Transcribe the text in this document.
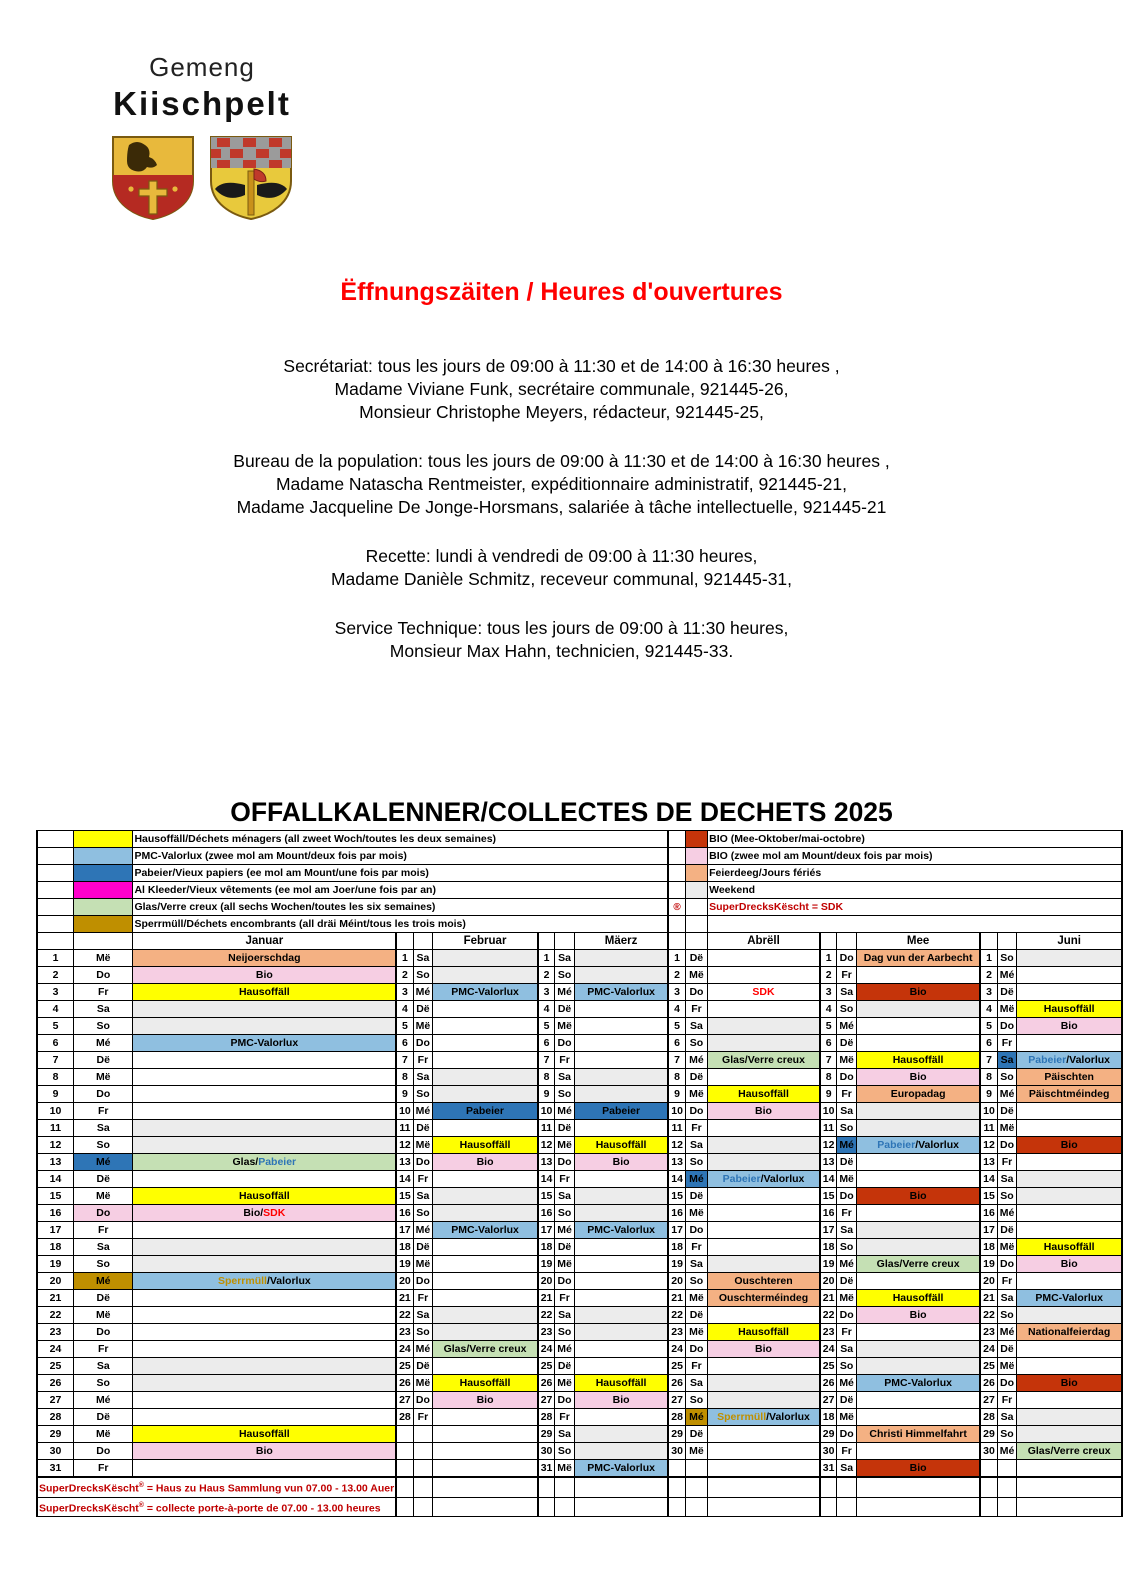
Gemeng
Kiischpelt
Ëffnungszäiten / Heures d'ouvertures
Secrétariat: tous les jours de 09:00 à 11:30 et de 14:00 à 16:30 heures ,
Madame Viviane Funk, secrétaire communale, 921445-26,
Monsieur Christophe Meyers, rédacteur, 921445-25,
Bureau de la population: tous les jours de 09:00 à 11:30 et de 14:00 à 16:30 heures ,
Madame Natascha Rentmeister, expéditionnaire administratif, 921445-21,
Madame Jacqueline De Jonge-Horsmans, salariée à tâche intellectuelle, 921445-21
Recette: lundi à vendredi de 09:00 à 11:30 heures,
Madame Danièle Schmitz, receveur communal, 921445-31,
Service Technique: tous les jours de 09:00 à 11:30 heures,
Monsieur Max Hahn, technicien, 921445-33.
OFFALLKALENNER/COLLECTES DE DECHETS 2025
		Hausoffäll/Déchets ménagers (all zweet Woch/toutes les deux semaines)									BIO (Mee-Oktober/mai-octobre)						
		PMC-Valorlux (zwee mol am Mount/deux fois par mois)									BIO (zwee mol am Mount/deux fois par mois)						
		Pabeier/Vieux papiers (ee mol am Mount/une fois par mois)									Feierdeeg/Jours fériés						
		Al Kleeder/Vieux vêtements (ee mol am Joer/une fois par an)									Weekend						
		Glas/Verre creux (all sechs Wochen/toutes les six semaines)							®		SuperDrecksKëscht = SDK						
		Sperrmüll/Déchets encombrants (all dräi Méint/tous les trois mois)															
		Januar			Februar			Mäerz			Abrëll			Mee			Juni
1	Më	Neijoerschdag	1	Sa		1	Sa		1	Dë		1	Do	Dag vun der Aarbecht	1	So	
2	Do	Bio	2	So		2	So		2	Më		2	Fr		2	Mé	
3	Fr	Hausoffäll	3	Mé	PMC-Valorlux	3	Mé	PMC-Valorlux	3	Do	SDK	3	Sa	Bio	3	Dë	
4	Sa		4	Dë		4	Dë		4	Fr		4	So		4	Më	Hausoffäll
5	So		5	Më		5	Më		5	Sa		5	Mé		5	Do	Bio
6	Mé	PMC-Valorlux	6	Do		6	Do		6	So		6	Dë		6	Fr	
7	Dë		7	Fr		7	Fr		7	Mé	Glas/Verre creux	7	Më	Hausoffäll	7	Sa	Pabeier/Valorlux
8	Më		8	Sa		8	Sa		8	Dë		8	Do	Bio	8	So	Päischten
9	Do		9	So		9	So		9	Më	Hausoffäll	9	Fr	Europadag	9	Mé	Päischtméindeg
10	Fr		10	Mé	Pabeier	10	Mé	Pabeier	10	Do	Bio	10	Sa		10	Dë	
11	Sa		11	Dë		11	Dë		11	Fr		11	So		11	Më	
12	So		12	Më	Hausoffäll	12	Më	Hausoffäll	12	Sa		12	Mé	Pabeier/Valorlux	12	Do	Bio
13	Mé	Glas/Pabeier	13	Do	Bio	13	Do	Bio	13	So		13	Dë		13	Fr	
14	Dë		14	Fr		14	Fr		14	Mé	Pabeier/Valorlux	14	Më		14	Sa	
15	Më	Hausoffäll	15	Sa		15	Sa		15	Dë		15	Do	Bio	15	So	
16	Do	Bio/SDK	16	So		16	So		16	Më		16	Fr		16	Mé	
17	Fr		17	Mé	PMC-Valorlux	17	Mé	PMC-Valorlux	17	Do		17	Sa		17	Dë	
18	Sa		18	Dë		18	Dë		18	Fr		18	So		18	Më	Hausoffäll
19	So		19	Më		19	Më		19	Sa		19	Mé	Glas/Verre creux	19	Do	Bio
20	Mé	Sperrmüll/Valorlux	20	Do		20	Do		20	So	Ouschteren	20	Dë		20	Fr	
21	Dë		21	Fr		21	Fr		21	Më	Ouschterméindeg	21	Më	Hausoffäll	21	Sa	PMC-Valorlux
22	Më		22	Sa		22	Sa		22	Dë		22	Do	Bio	22	So	
23	Do		23	So		23	So		23	Më	Hausoffäll	23	Fr		23	Mé	Nationalfeierdag
24	Fr		24	Mé	Glas/Verre creux	24	Mé		24	Do	Bio	24	Sa		24	Dë	
25	Sa		25	Dë		25	Dë		25	Fr		25	So		25	Më	
26	So		26	Më	Hausoffäll	26	Më	Hausoffäll	26	Sa		26	Mé	PMC-Valorlux	26	Do	Bio
27	Mé		27	Do	Bio	27	Do	Bio	27	So		27	Dë		27	Fr	
28	Dë		28	Fr		28	Fr		28	Mé	Sperrmüll/Valorlux	18	Më		28	Sa	
29	Më	Hausoffäll				29	Sa		29	Dë		29	Do	Christi Himmelfahrt	29	So	
30	Do	Bio				30	So		30	Më		30	Fr		30	Mé	Glas/Verre creux
31	Fr					31	Më	PMC-Valorlux				31	Sa	Bio			
SuperDrecksKëscht® = Haus zu Haus Sammlung vun 07.00 - 13.00 Auer																	
SuperDrecksKëscht® = collecte porte-à-porte de 07.00 - 13.00 heures																	
